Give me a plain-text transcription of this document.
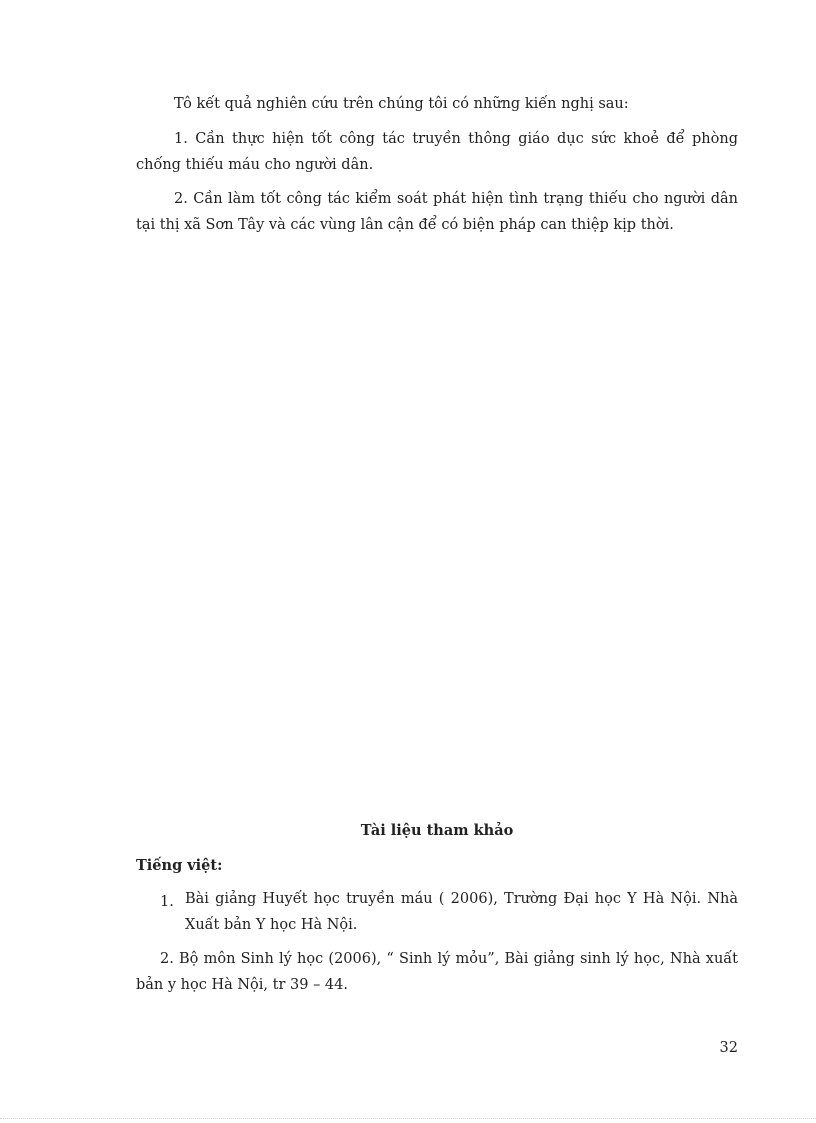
Tô kết quả nghiên cứu trên chúng tôi có những kiến nghị sau:

1. Cần thực hiện tốt công tác truyền thông giáo dục sức khoẻ để phòng chống thiếu máu cho người dân.

2. Cần làm tốt công tác kiểm soát phát hiện tình trạng thiếu cho người dân tại thị xã Sơn Tây và các vùng lân cận để có biện pháp can thiệp kịp thời.

Tài liệu tham khảo

Tiếng việt:

1. Bài giảng Huyết học truyền máu ( 2006), Trường Đại học Y Hà Nội. Nhà Xuất bản Y học Hà Nội.

2. Bộ môn Sinh lý học (2006), “ Sinh lý mỏu”, Bài giảng sinh lý học, Nhà xuất bản y học Hà Nội, tr 39 – 44.

32
